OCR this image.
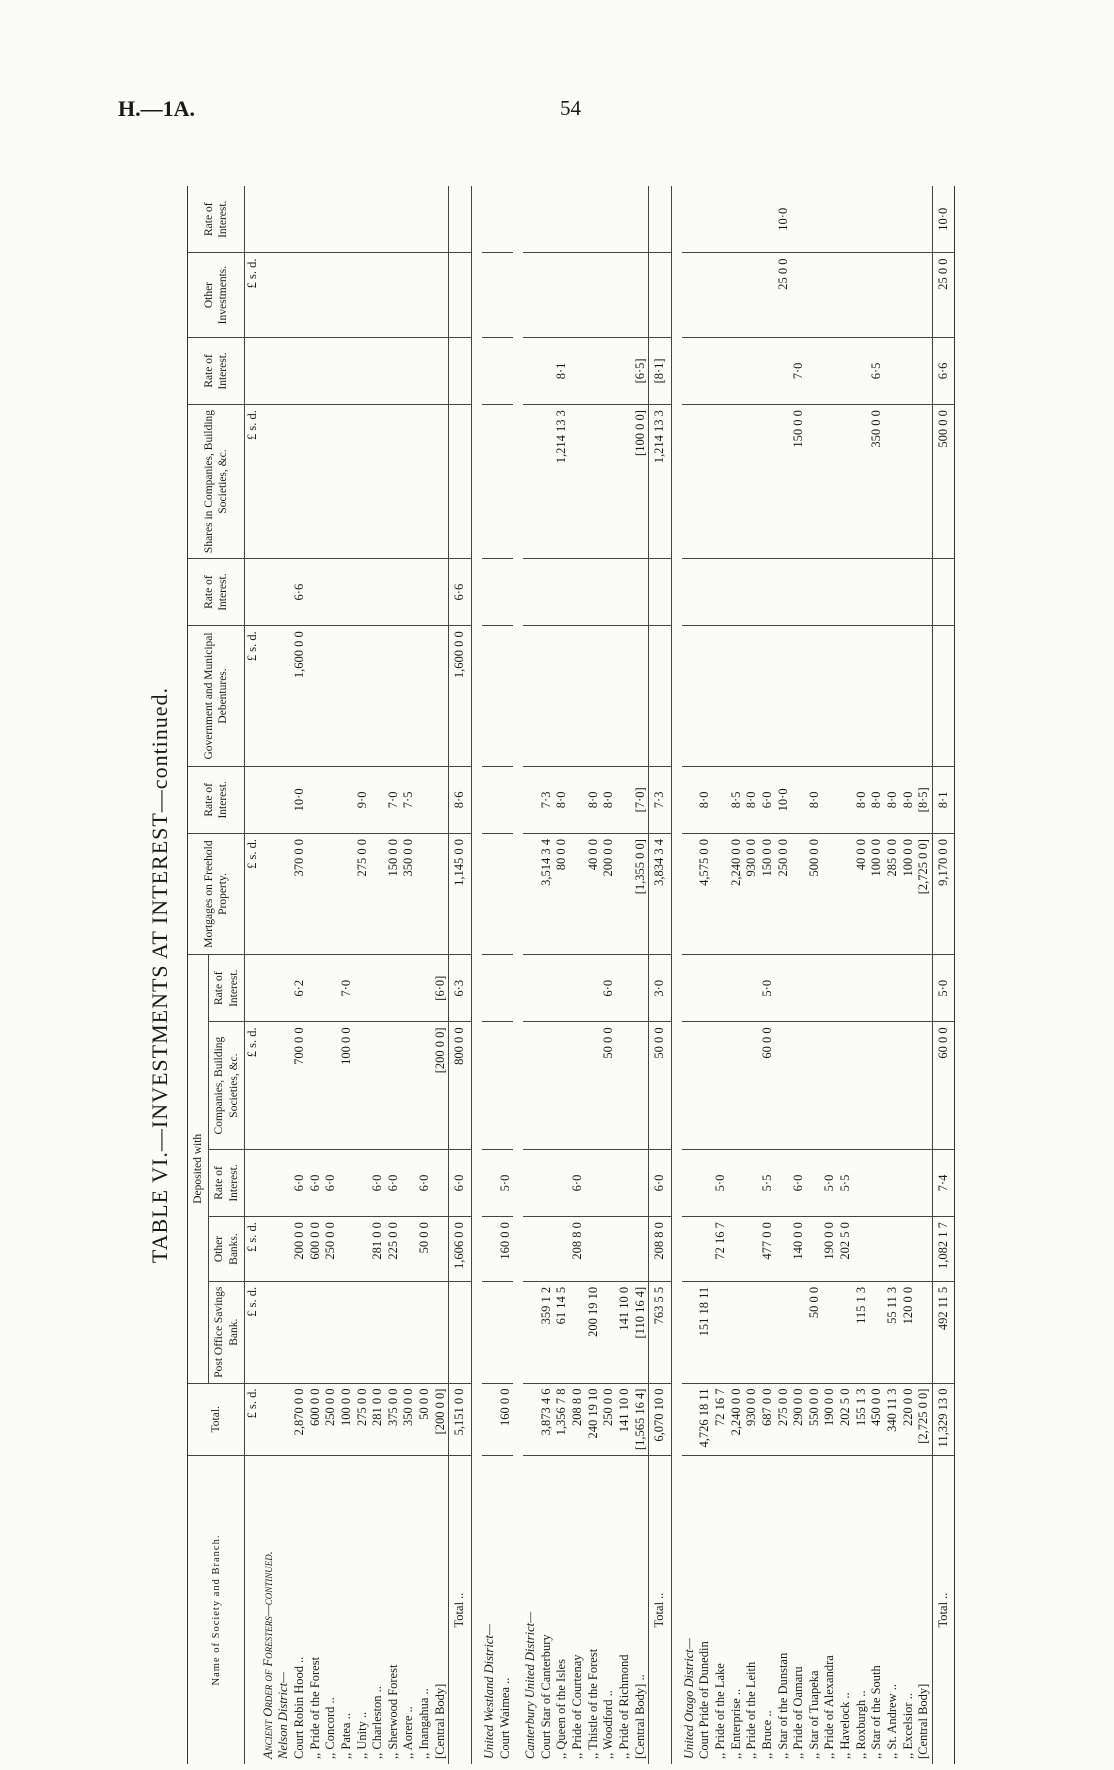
H.—1A.	54
TABLE VI.—INVESTMENTS AT INTEREST—continued.
Name of Society and Branch.	Total.	Deposited with					Mortgages on Freehold Property.	Rate of Interest.	Government and Municipal Debentures.	Rate of Interest.	Shares in Companies, Building Societies, &c.	Rate of Interest.	Other Investments.	Rate of Interest.
		Post Office Savings Bank.	Other Banks.	Rate of Interest.	Companies, Building Societies, &c.	Rate of Interest.								
	£ s. d.	£ s. d.	£ s. d.		£ s. d.		£ s. d.		£ s. d.		£ s. d.		£ s. d.	
Ancient Order of Foresters—continued.														
Nelson District—														
Court Robin Hood ..	2,870 0 0		200 0 0	6·0	700 0 0	6·2	370 0 0	10·0	1,600 0 0	6·6				
,, Pride of the Forest	600 0 0		600 0 0	6·0										
,, Concord ..	250 0 0		250 0 0	6·0										
,, Patea ..	100 0 0				100 0 0	7·0								
,, Unity ..	275 0 0						275 0 0	9·0						
,, Charleston ..	281 0 0		281 0 0	6·0										
,, Sherwood Forest	375 0 0		225 0 0	6·0			150 0 0	7·0						
,, Aorere ..	350 0 0						350 0 0	7·5						
,, Inangahua ..	50 0 0		50 0 0	6·0										
[Central Body]	[200 0 0]				[200 0 0]	[6·0]								
Total ..	5,151 0 0		1,606 0 0	6·0	800 0 0	6·3	1,145 0 0	8·6	1,600 0 0	6·6				

United Westland District—														
Court Waimea ..	160 0 0		160 0 0	5·0										

Canterbury United District—														
Court Star of Canterbury	3,873 4 6	359 1 2					3,514 3 4	7·3						
,, Queen of the Isles	1,356 7 8	61 14 5					80 0 0	8·0			1,214 13 3	8·1		
,, Pride of Courtenay	208 8 0		208 8 0	6·0										
,, Thistle of the Forest	240 19 10	200 19 10					40 0 0	8·0						
,, Woodford ..	250 0 0				50 0 0	6·0	200 0 0	8·0						
,, Pride of Richmond	141 10 0	141 10 0												
[Central Body] ..	[1,565 16 4]	[110 16 4]					[1,355 0 0]	[7·0]			[100 0 0]	[6·5]		
Total ..	6,070 10 0	763 5 5	208 8 0	6·0	50 0 0	3·0	3,834 3 4	7·3			1,214 13 3	[8·1]		

United Otago District—														
Court Pride of Dunedin	4,726 18 11	151 18 11					4,575 0 0	8·0						
,, Pride of the Lake	72 16 7		72 16 7	5·0										
,, Enterprise ..	2,240 0 0						2,240 0 0	8·5						
,, Pride of the Leith	930 0 0						930 0 0	8·0						
,, Bruce ..	687 0 0		477 0 0	5·5	60 0 0	5·0	150 0 0	6·0						
,, Star of the Dunstan	275 0 0						250 0 0	10·0					25 0 0	10·0
,, Pride of Oamaru	290 0 0		140 0 0	6·0							150 0 0	7·0		
,, Star of Tuapeka	550 0 0	50 0 0					500 0 0	8·0						
,, Pride of Alexandra	190 0 0		190 0 0	5·0										
,, Havelock ..	202 5 0		202 5 0	5·5										
,, Roxburgh ..	155 1 3	115 1 3					40 0 0	8·0						
,, Star of the South	450 0 0						100 0 0	8·0			350 0 0	6·5		
,, St. Andrew ..	340 11 3	55 11 3					285 0 0	8·0						
,, Excelsior ..	220 0 0	120 0 0					100 0 0	8·0						
[Central Body]	[2,725 0 0]						[2,725 0 0]	[8·5]						
Total ..	11,329 13 0	492 11 5	1,082 1 7	7·4	60 0 0	5·0	9,170 0 0	8·1			500 0 0	6·6	25 0 0	10·0
